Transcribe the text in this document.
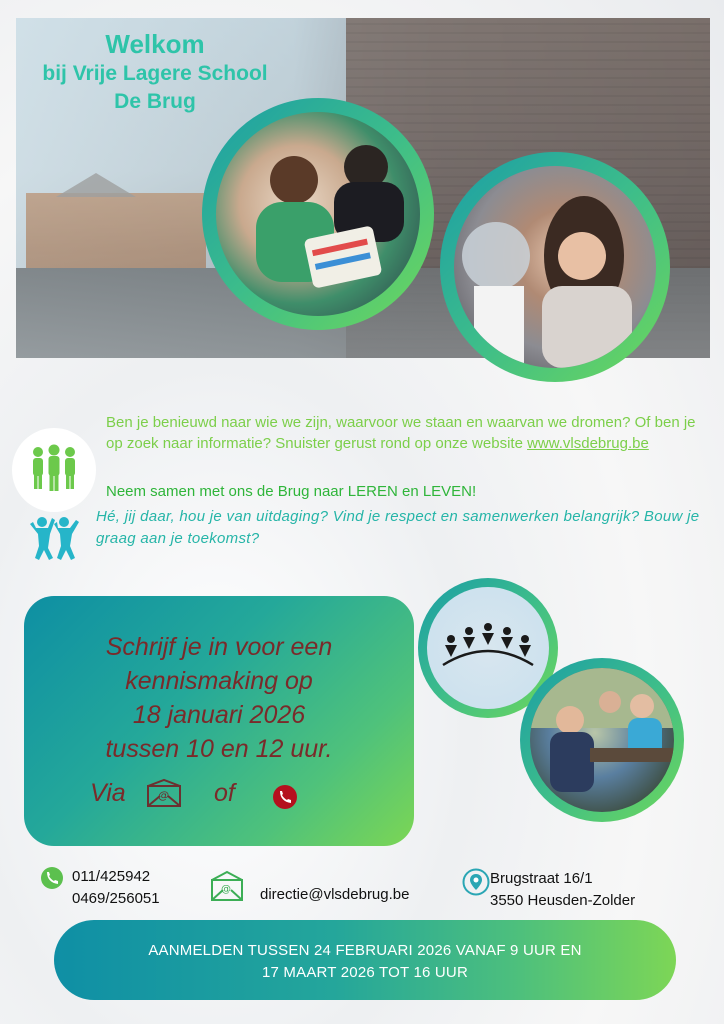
Welkom
bij Vrije Lagere School
De Brug
Ben je benieuwd naar wie we zijn, waarvoor we staan en waarvan we dromen? Of ben je op zoek naar informatie? Snuister gerust rond op onze website www.vlsdebrug.be
Neem samen met ons de Brug naar LEREN en LEVEN!
Hé, jij daar, hou je van uitdaging? Vind je respect en samenwerken belangrijk? Bouw je graag aan je toekomst?
Schrijf je in voor een
kennismaking op
18 januari 2026
tussen 10 en 12 uur.
Via	@ of
011/425942
0469/256051
@ directie@vlsdebrug.be
Brugstraat 16/1
3550 Heusden-Zolder
AANMELDEN TUSSEN 24 FEBRUARI 2026 VANAF 9 UUR EN
17 MAART 2026 TOT 16 UUR
